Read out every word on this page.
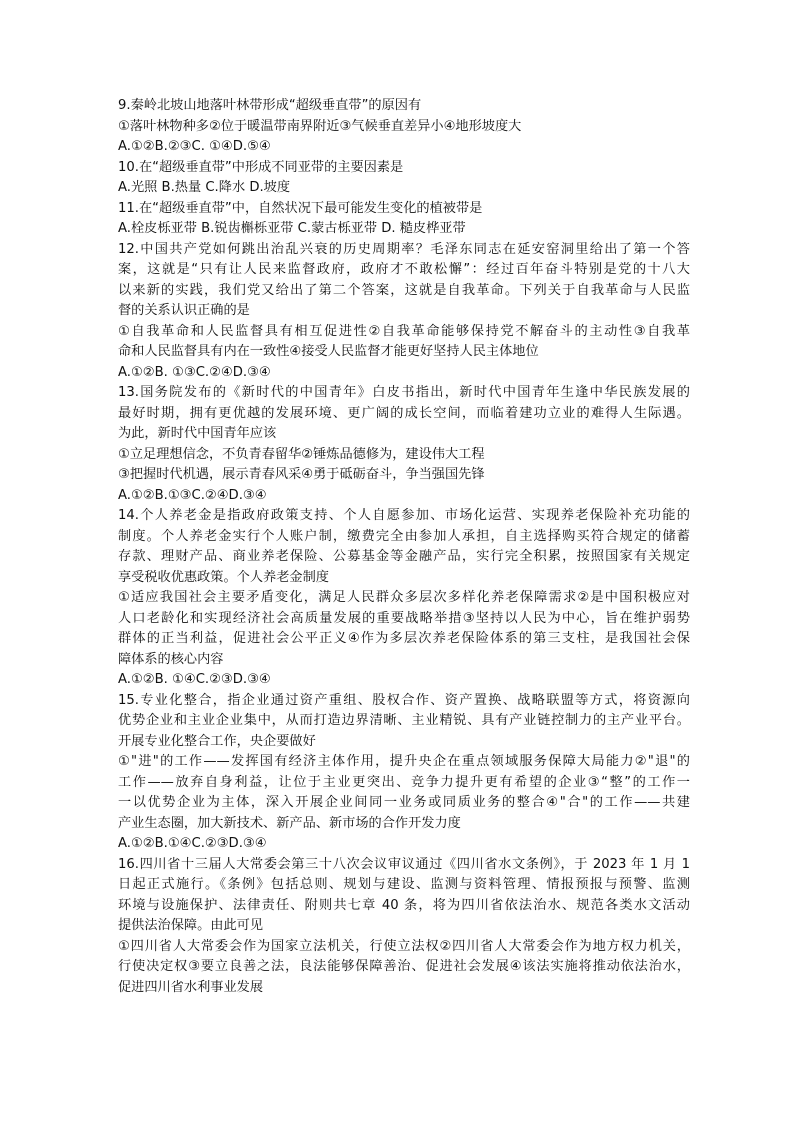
9.秦岭北坡山地落叶林带形成“超级垂直带”的原因有
①落叶林物种多②位于暖温带南界附近③气候垂直差异小④地形坡度大
A.①②B.②③C. ①④D.⑤④
10.在“超级垂直带”中形成不同亚带的主要因素是
A.光照 B.热量 C.降水 D.坡度
11.在“超级垂直带”中，自然状况下最可能发生变化的植被带是
A.栓皮栎亚带 B.锐齿槲栎亚带 C.蒙古栎亚带 D. 糙皮桦亚带
12.中国共产党如何跳出治乱兴衰的历史周期率？毛泽东同志在延安窑洞里给出了第一个答
案，这就是“只有让人民来监督政府，政府才不敢松懈”：经过百年奋斗特别是党的十八大
以来新的实践，我们党又给出了第二个答案，这就是自我革命。下列关于自我革命与人民监
督的关系认识正确的是
①自我革命和人民监督具有相互促进性②自我革命能够保持党不解奋斗的主动性③自我革
命和人民监督具有内在一致性④接受人民监督才能更好坚持人民主体地位
A.①②B. ①③C.②④D.③④
13.国务院发布的《新时代的中国青年》白皮书指出，新时代中国青年生逢中华民族发展的
最好时期，拥有更优越的发展环境、更广阔的成长空间，而临着建功立业的难得人生际遇。
为此，新时代中国青年应该
①立足理想信念，不负青春留华②锤炼品德修为，建设伟大工程
③把握时代机遇，展示青春风采④勇于砥砺奋斗，争当强国先锋
A.①②B.①③C.②④D.③④
14.个人养老金是指政府政策支持、个人自愿参加、市场化运营、实现养老保险补充功能的
制度。个人养老金实行个人账户制，缴费完全由参加人承担，自主选择购买符合规定的储蓄
存款、理财产品、商业养老保险、公募基金等金融产品，实行完全积累，按照国家有关规定
享受税收优惠政策。个人养老金制度
①适应我国社会主要矛盾变化，满足人民群众多层次多样化养老保障需求②是中国积极应对
人口老龄化和实现经济社会高质量发展的重要战略举措③坚持以人民为中心，旨在维护弱势
群体的正当利益，促进社会公平正义④作为多层次养老保险体系的第三支柱，是我国社会保
障体系的核心内容
A.①②B. ①④C.②③D.③④
15.专业化整合，指企业通过资产重组、股权合作、资产置换、战略联盟等方式，将资源向
优势企业和主业企业集中，从而打造边界清晰、主业精锐、具有产业链控制力的主产业平台。
开展专业化整合工作，央企要做好
①"进"的工作——发挥国有经济主体作用，提升央企在重点领域服务保障大局能力②"退"的
工作——放弃自身利益，让位于主业更突出、竞争力提升更有希望的企业③“整”的工作一
一以优势企业为主体，深入开展企业间同一业务或同质业务的整合④"合"的工作——共建
产业生态圈，加大新技术、新产品、新市场的合作开发力度
A.①②B.①④C.②③D.③④
16.四川省十三届人大常委会第三十八次会议审议通过《四川省水文条例》，于 2023 年 1 月 1
日起正式施行。《条例》包括总则、规划与建设、监测与资料管理、情报预报与预警、监测
环境与设施保护、法律责任、附则共七章 40 条，将为四川省依法治水、规范各类水文活动
提供法治保障。由此可见
①四川省人大常委会作为国家立法机关，行使立法权②四川省人大常委会作为地方权力机关，
行使决定权③要立良善之法，良法能够保障善治、促进社会发展④该法实施将推动依法治水，
促进四川省水利事业发展
